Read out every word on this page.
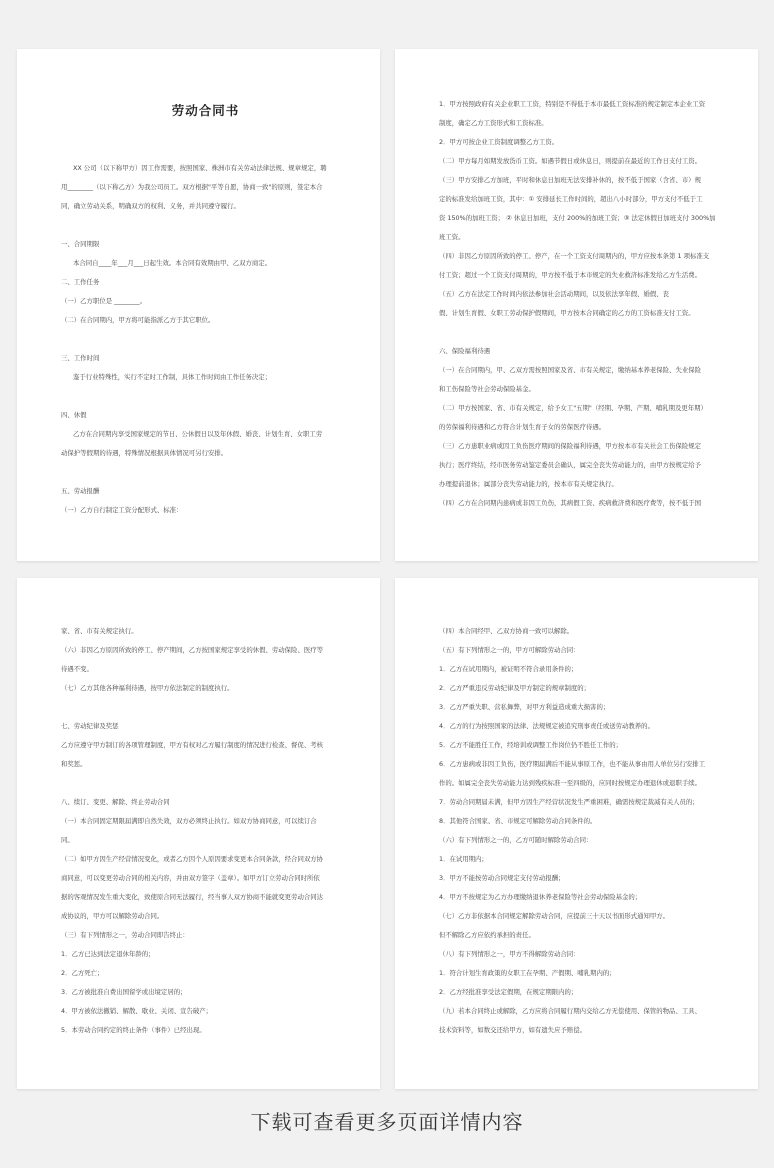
劳动合同书
XX 公司（以下称甲方）因工作需要，按照国家、株洲市有关劳动法律法规、规章规定，聘
用________（以下称乙方）为我公司员工。双方根据"平等自愿，协商一致"的原则，签定本合
同，确立劳动关系，明确双方的权利、义务，并共同遵守履行。
一、合同期限
本合同自____年___月___日起生效。本合同有效期由甲、乙双方商定。
二、工作任务
（一）乙方职位是 ________。
（二）在合同期内，甲方将可能指派乙方于其它职位。
三、工作时间
鉴于行业特殊性，实行不定时工作制，具体工作时间由工作任务决定；
四、休假
乙方在合同期内享受国家规定的节日、公休假日以及年休假、婚丧、计划生育、女职工劳
动保护等假期的待遇，特殊情况根据具体情况可另行安排。
五、劳动报酬
（一）乙方自行制定工资分配形式、标准：
1．甲方按照政府有关企业职工工资，特别是不得低于本市最低工资标准的规定制定本企业工资
制度，确定乙方工资形式和工资标准。
2．甲方可按企业工资制度调整乙方工资。
（二）甲方每月如期发放货币工资。如遇节假日或休息日，则提前在最近的工作日支付工资。
（三）甲方安排乙方加班，平时和休息日加班无法安排补休的，按不低于国家（含省、市）规
定的标准发给加班工资，其中：① 安排延长工作时间的，超出八小时部分，甲方支付不低于工
资 150%的加班工资； ② 休息日加班，支付 200%的加班工资；③ 法定休假日加班支付 300%加
班工资。
（四）非因乙方原因所致的停工、停产，在一个工资支付周期内的，甲方应按本条第 1 项标准支
付工资；超过一个工资支付周期的，甲方按不低于本市规定的失业救济标准发给乙方生活费。
（五）乙方在法定工作时间内依法参加社会活动期间，以及依法享年假、婚假、丧
假、计划生育假、女职工劳动保护假期间，甲方按本合同确定的乙方的工资标准支付工资。
六、保险福利待遇
（一）在合同期内，甲、乙双方需按照国家及省、市有关规定，缴纳基本养老保险、失业保险
和工伤保险等社会劳动保险基金。
（二）甲方按国家、省、市有关规定，给予女工"五期"（经期、孕期、产期、哺乳期及更年期）
的劳保福利待遇和乙方符合计划生育子女的劳保医疗待遇。
（三）乙方患职业病或因工负伤医疗期间的保险福利待遇，甲方按本市有关社会工伤保险规定
执行；医疗终结，经市医务劳动鉴定委员会确认，属完全丧失劳动能力的，由甲方按规定给予
办理提前退休；属部分丧失劳动能力的，按本市有关规定执行。
（四）乙方在合同期内患病或非因工负伤，其病假工资、疾病救济费和医疗费等，按不低于国
家、省、市有关规定执行。
（六）非因乙方原因所致的停工、停产期间，乙方按国家规定享受的休假、劳动保险、医疗等
待遇不变。
（七）乙方其他各种福利待遇，按甲方依法制定的制度执行。
七、劳动纪律及奖惩
乙方应遵守甲方制订的各项管理制度，甲方有权对乙方履行制度的情况进行检查、督促、考核
和奖惩。
八、续订、变更、解除、终止劳动合同
（一）本合同固定期限届满即自然失效，双方必须终止执行。如双方协商同意，可以续订合
同。
（二）如甲方因生产经营情况变化，或者乙方因个人原因要求变更本合同条款，经合同双方协
商同意，可以变更劳动合同的相关内容，并由双方签字（盖章）。如甲方订立劳动合同时所依
据的客观情况发生重大变化，致使原合同无法履行，经当事人双方协商不能就变更劳动合同达
成协议的，甲方可以解除劳动合同。
（三）有下列情形之一，劳动合同即告终止：
1．乙方已达到法定退休年龄的；
2．乙方死亡；
3．乙方被批准自费出国留学或出境定居的；
4．甲方被依法撤销、解散、歇业、关闭、宣告破产；
5．本劳动合同约定的终止条件（事件）已经出现。
（四）本合同经甲、乙双方协商一致可以解除。
（五）有下列情形之一的，甲方可解除劳动合同：
1．乙方在试用期内，被证明不符合录用条件的；
2．乙方严重违反劳动纪律及甲方制定的规章制度的；
3．乙方严重失职、营私舞弊，对甲方利益造成重大损害的；
4．乙方的行为按照国家的法律、法规规定被追究刑事责任或送劳动教养的。
5．乙方不能胜任工作，经培训或调整工作岗位仍不胜任工作的；
6．乙方患病或非因工负伤，医疗期届满后不能从事原工作，也不能从事由用人单位另行安排工
作的。如属完全丧失劳动能力达到残疾标准一至四级的，应同时按规定办理退休或退职手续。
7．劳动合同期届未满，但甲方因生产经营状况发生严重困难，确需按规定裁减有关人员的；
8．其他符合国家、省、市规定可解除劳动合同条件的。
（六）有下列情形之一的，乙方可随时解除劳动合同：
1．在试用期内；
3．甲方不能按劳动合同规定支付劳动报酬；
4．甲方不按规定为乙方办理缴纳退休养老保险等社会劳动保险基金的；
（七）乙方非依据本合同规定解除劳动合同，应提前三十天以书面形式通知甲方。
但不解除乙方应依约承担的责任。
（八）有下列情形之一，甲方不得解除劳动合同：
1．符合计划生育政策的女职工在孕期、产假期、哺乳期内的；
2．乙方经批准享受法定假期，在规定期限内的；
（九）若本合同终止或解除，乙方应将合同履行期内交给乙方无偿使用、保管的物品、工具、
技术资料等，如数交还给甲方，如有遗失应予赔偿。
下载可查看更多页面详情内容
